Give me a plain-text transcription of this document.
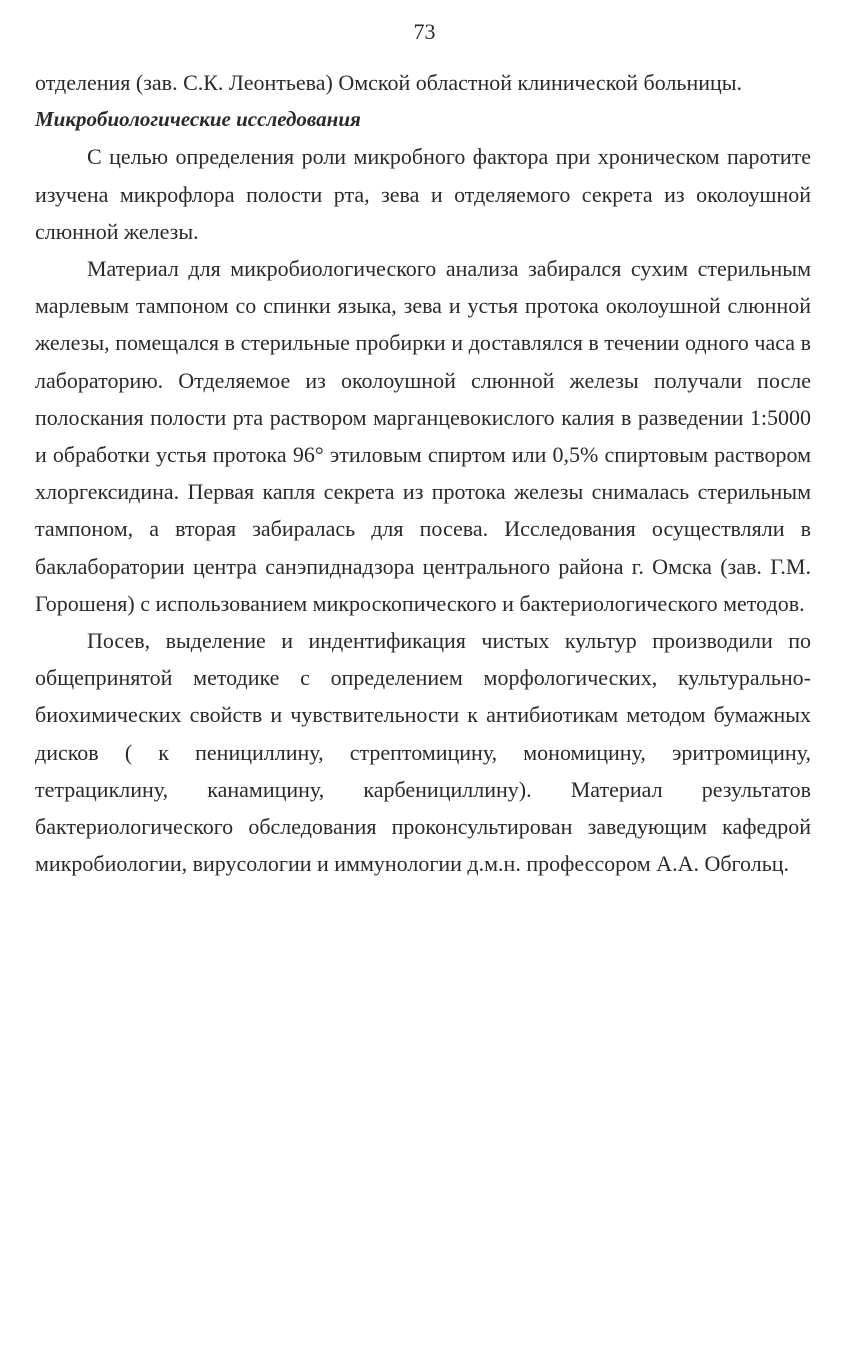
73

отделения (зав. С.К. Леонтьева) Омской областной клинической больницы.

Микробиологические исследования

С целью определения роли микробного фактора при хроническом паротите изучена микрофлора полости рта, зева и отделяемого секрета из околоушной слюнной железы.

Материал для микробиологического анализа забирался сухим стерильным марлевым тампоном со спинки языка, зева и устья протока околоушной слюнной железы, помещался в стерильные пробирки и доставлялся в течении одного часа в лабораторию. Отделяемое из околоушной слюнной железы получали после полоскания полости рта раствором марганцевокислого калия в разведении 1:5000 и обработки устья протока 96° этиловым спиртом или 0,5% спиртовым раствором хлоргексидина. Первая капля секрета из протока железы снималась стерильным тампоном, а вторая забиралась для посева. Исследования осуществляли в баклаборатории центра санэпиднадзора центрального района г. Омска (зав. Г.М. Горошеня) с использованием микроскопического и бактериологического методов.

Посев, выделение и индентификация чистых культур производили по общепринятой методике с определением морфологических, культурально-биохимических свойств и чувствительности к антибиотикам методом бумажных дисков ( к пенициллину, стрептомицину, мономицину, эритромицину, тетрациклину, канамицину, карбенициллину). Материал результатов бактериологического обследования проконсультирован заведующим кафедрой микробиологии, вирусологии и иммунологии д.м.н. профессором А.А. Обгольц.
